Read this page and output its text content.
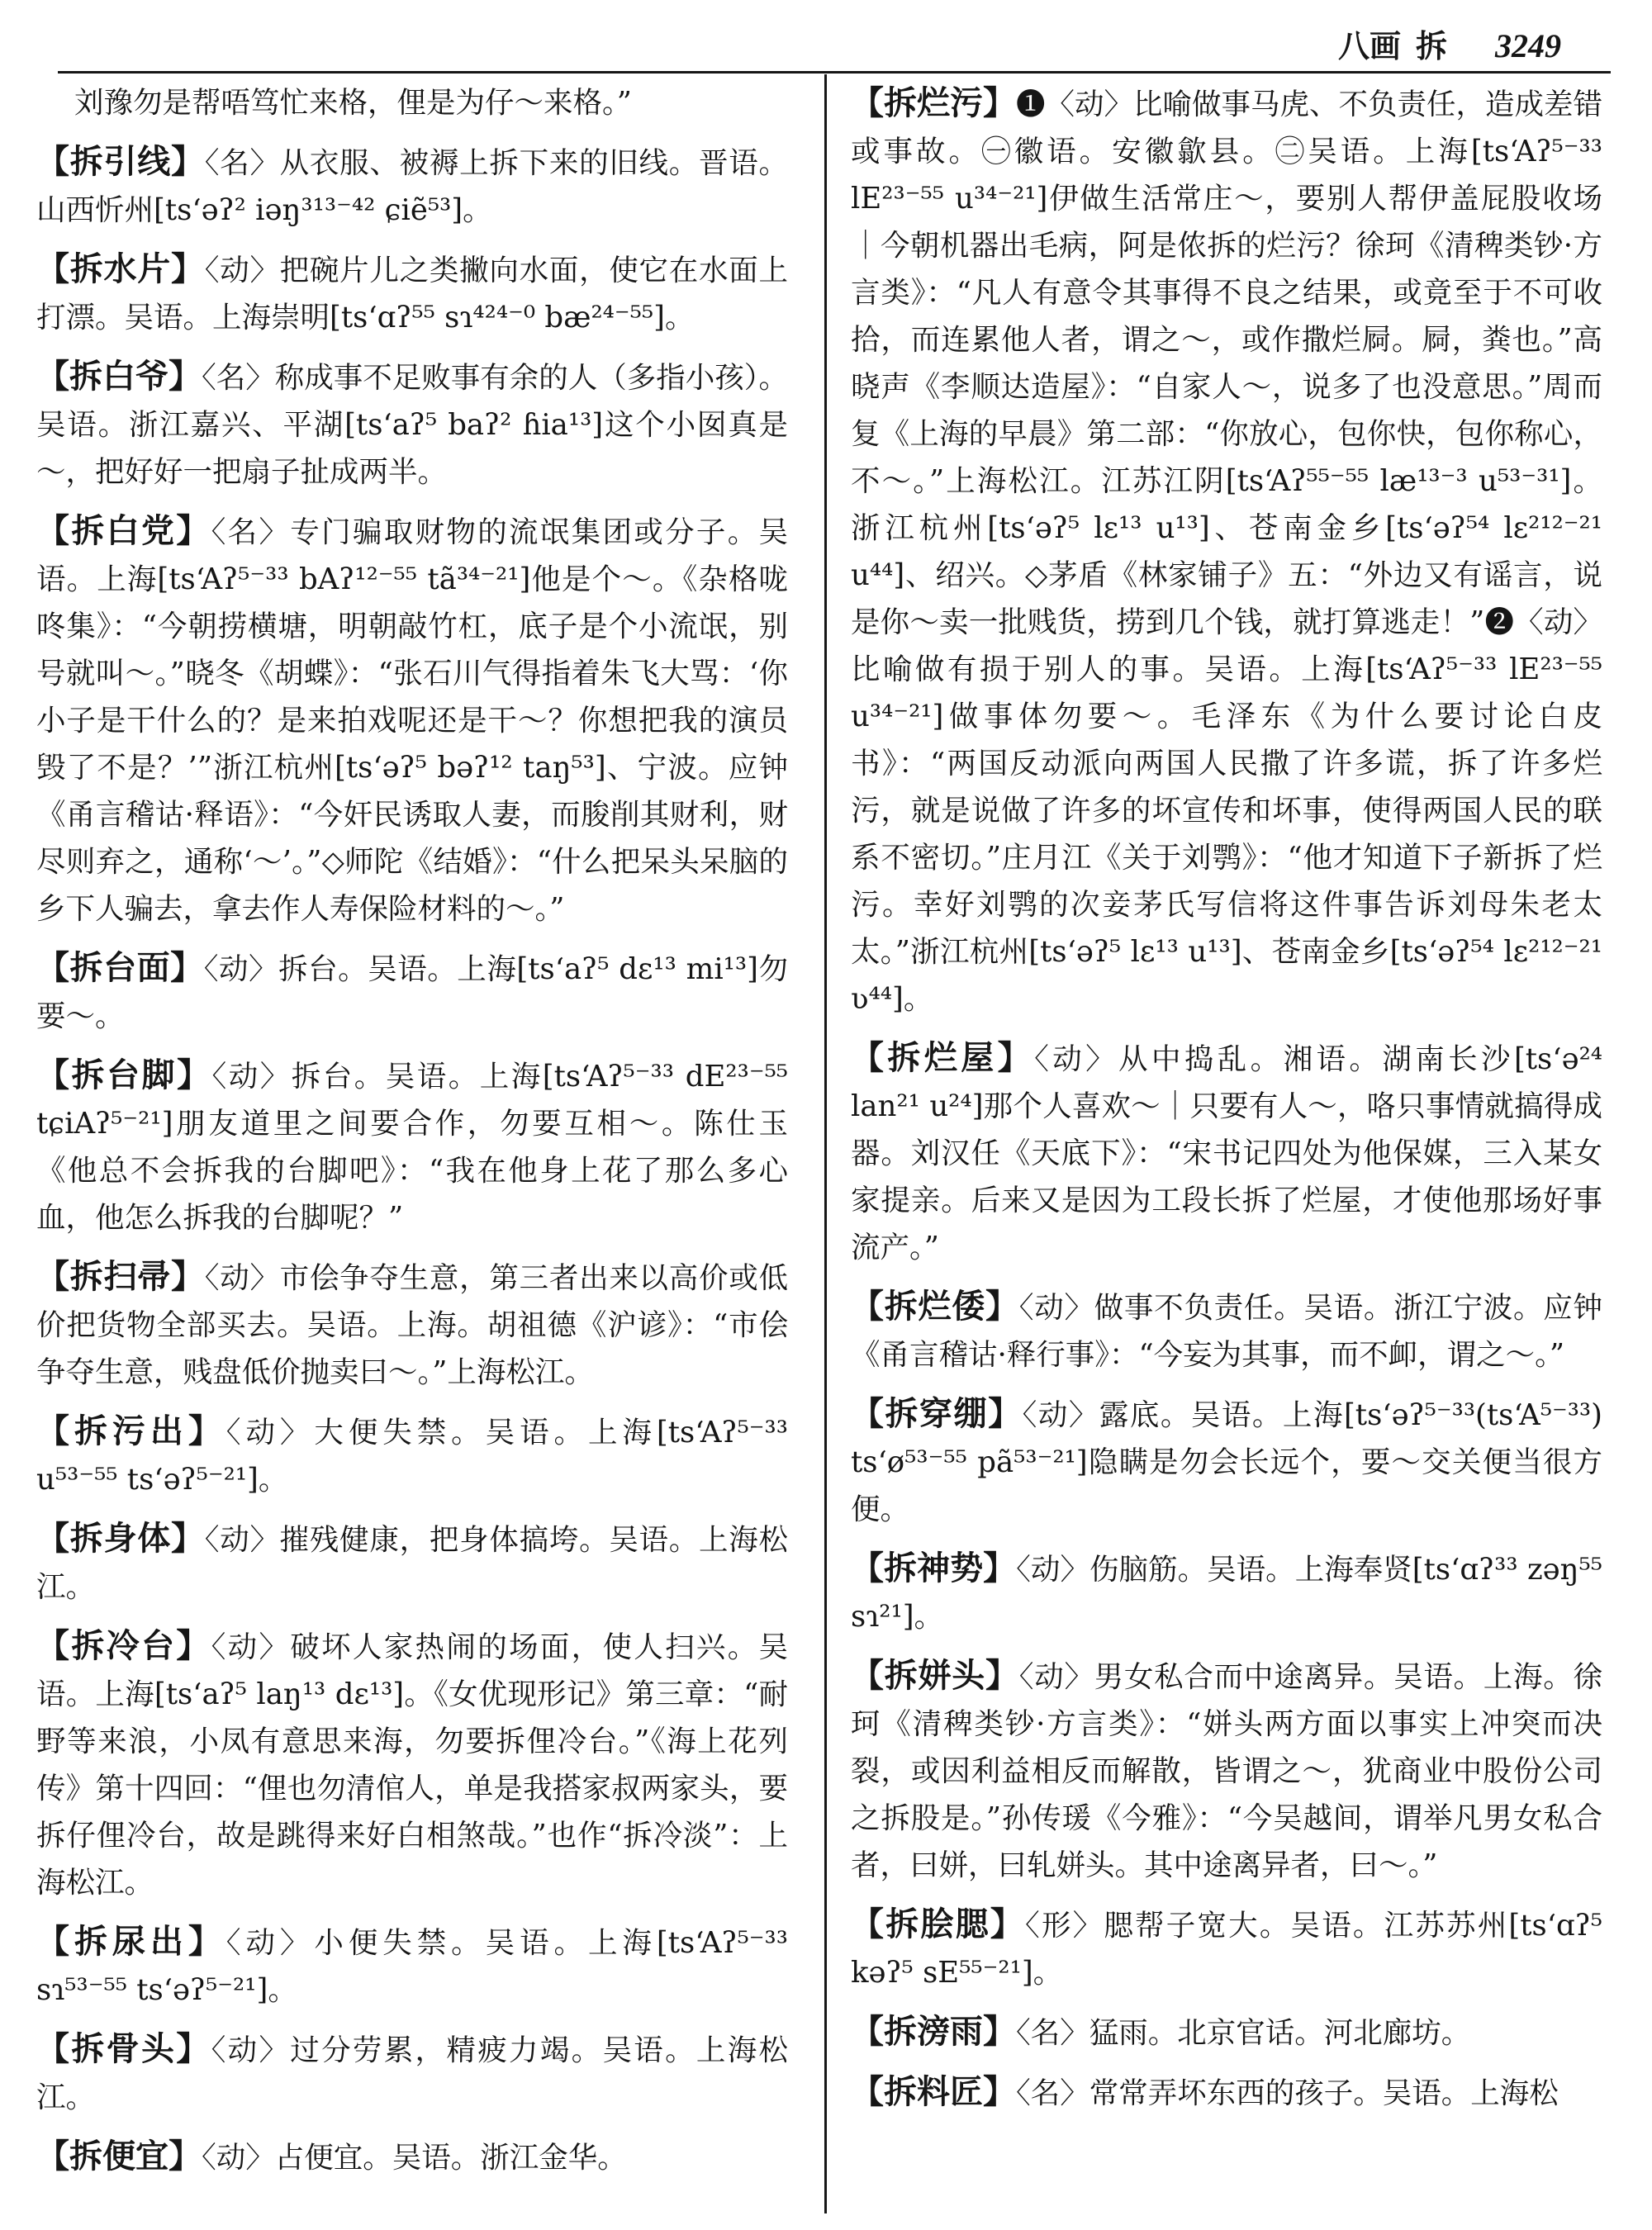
八画 拆 3249

刘豫勿是帮唔笃忙来格，俚是为仔～来格。”

【拆引线】〈名〉从衣服、被褥上拆下来的旧线。晋语。山西忻州[tsʻəʔ² iəŋ³¹³⁻⁴² ɕiẽ⁵³]。

【拆水片】〈动〉把碗片儿之类撇向水面，使它在水面上打漂。吴语。上海崇明[tsʻɑʔ⁵⁵ sɿ⁴²⁴⁻⁰ bæ²⁴⁻⁵⁵]。

【拆白爷】〈名〉称成事不足败事有余的人（多指小孩）。吴语。浙江嘉兴、平湖[tsʻaʔ⁵ baʔ² ɦia¹³]这个小囡真是～，把好好一把扇子扯成两半。

【拆白党】〈名〉专门骗取财物的流氓集团或分子。吴语。上海[tsʻAʔ⁵⁻³³ bAʔ¹²⁻⁵⁵ tã³⁴⁻²¹]他是个～。《杂格咙咚集》：“今朝捞横塘，明朝敲竹杠，底子是个小流氓，别号就叫～。”晓冬《胡蝶》：“张石川气得指着朱飞大骂：‘你小子是干什么的？是来拍戏呢还是干～？你想把我的演员毁了不是？’”浙江杭州[tsʻəʔ⁵ bəʔ¹² taŋ⁵³]、宁波。应钟《甬言稽诂·释语》：“今奸民诱取人妻，而朘削其财利，财尽则弃之，通称‘～’。”◇师陀《结婚》：“什么把呆头呆脑的乡下人骗去，拿去作人寿保险材料的～。”

【拆台面】〈动〉拆台。吴语。上海[tsʻaʔ⁵ dɛ¹³ mi¹³]勿要～。

【拆台脚】〈动〉拆台。吴语。上海[tsʻAʔ⁵⁻³³ dE²³⁻⁵⁵ tɕiAʔ⁵⁻²¹]朋友道里之间要合作，勿要互相～。陈仕玉《他总不会拆我的台脚吧》：“我在他身上花了那么多心血，他怎么拆我的台脚呢？”

【拆扫帚】〈动〉市侩争夺生意，第三者出来以高价或低价把货物全部买去。吴语。上海。胡祖德《沪谚》：“市侩争夺生意，贱盘低价抛卖曰～。”上海松江。

【拆污出】〈动〉大便失禁。吴语。上海[tsʻAʔ⁵⁻³³ u⁵³⁻⁵⁵ tsʻəʔ⁵⁻²¹]。

【拆身体】〈动〉摧残健康，把身体搞垮。吴语。上海松江。

【拆冷台】〈动〉破坏人家热闹的场面，使人扫兴。吴语。上海[tsʻaʔ⁵ laŋ¹³ dɛ¹³]。《女优现形记》第三章：“耐野等来浪，小凤有意思来海，勿要拆俚冷台。”《海上花列传》第十四回：“俚也勿清倌人，单是我搭家叔两家头，要拆仔俚冷台，故是跳得来好白相煞哉。”也作“拆冷淡”：上海松江。

【拆尿出】〈动〉小便失禁。吴语。上海[tsʻAʔ⁵⁻³³ sɿ⁵³⁻⁵⁵ tsʻəʔ⁵⁻²¹]。

【拆骨头】〈动〉过分劳累，精疲力竭。吴语。上海松江。

【拆便宜】〈动〉占便宜。吴语。浙江金华。

【拆烂污】❶〈动〉比喻做事马虎、不负责任，造成差错或事故。㊀徽语。安徽歙县。㊁吴语。上海[tsʻAʔ⁵⁻³³ lE²³⁻⁵⁵ u³⁴⁻²¹]伊做生活常庄～，要别人帮伊盖屁股收场｜今朝机器出毛病，阿是侬拆的烂污？徐珂《清稗类钞·方言类》：“凡人有意令其事得不良之结果，或竟至于不可收拾，而连累他人者，谓之～，或作撒烂屙。屙，粪也。”高晓声《李顺达造屋》：“自家人～，说多了也没意思。”周而复《上海的早晨》第二部：“你放心，包你快，包你称心，不～。”上海松江。江苏江阴[tsʻAʔ⁵⁵⁻⁵⁵ læ¹³⁻³ u⁵³⁻³¹]。浙江杭州[tsʻəʔ⁵ lɛ¹³ u¹³]、苍南金乡[tsʻəʔ⁵⁴ lɛ²¹²⁻²¹ u⁴⁴]、绍兴。◇茅盾《林家铺子》五：“外边又有谣言，说是你～卖一批贱货，捞到几个钱，就打算逃走！”❷〈动〉比喻做有损于别人的事。吴语。上海[tsʻAʔ⁵⁻³³ lE²³⁻⁵⁵ u³⁴⁻²¹]做事体勿要～。毛泽东《为什么要讨论白皮书》：“两国反动派向两国人民撒了许多谎，拆了许多烂污，就是说做了许多的坏宣传和坏事，使得两国人民的联系不密切。”庄月江《关于刘鹗》：“他才知道下子新拆了烂污。幸好刘鹗的次妾茅氏写信将这件事告诉刘母朱老太太。”浙江杭州[tsʻəʔ⁵ lɛ¹³ u¹³]、苍南金乡[tsʻəʔ⁵⁴ lɛ²¹²⁻²¹ ʋ⁴⁴]。

【拆烂屋】〈动〉从中捣乱。湘语。湖南长沙[tsʻə²⁴ lan²¹ u²⁴]那个人喜欢～｜只要有人～，咯只事情就搞得成器。刘汉任《天底下》：“宋书记四处为他保媒，三入某女家提亲。后来又是因为工段长拆了烂屋，才使他那场好事流产。”

【拆烂倭】〈动〉做事不负责任。吴语。浙江宁波。应钟《甬言稽诂·释行事》：“今妄为其事，而不卹，谓之～。”

【拆穿绷】〈动〉露底。吴语。上海[tsʻəʔ⁵⁻³³(tsʻA⁵⁻³³) tsʻø⁵³⁻⁵⁵ pã⁵³⁻²¹]隐瞒是勿会长远个，要～交关便当很方便。

【拆神势】〈动〉伤脑筋。吴语。上海奉贤[tsʻɑʔ³³ zəŋ⁵⁵ sɿ²¹]。

【拆姘头】〈动〉男女私合而中途离异。吴语。上海。徐珂《清稗类钞·方言类》：“姘头两方面以事实上冲突而决裂，或因利益相反而解散，皆谓之～，犹商业中股份公司之拆股是。”孙传瑗《今雅》：“今吴越间，谓举凡男女私合者，曰姘，曰轧姘头。其中途离异者，曰～。”

【拆脍腮】〈形〉腮帮子宽大。吴语。江苏苏州[tsʻɑʔ⁵ kəʔ⁵ sE⁵⁵⁻²¹]。

【拆滂雨】〈名〉猛雨。北京官话。河北廊坊。

【拆料匠】〈名〉常常弄坏东西的孩子。吴语。上海松
